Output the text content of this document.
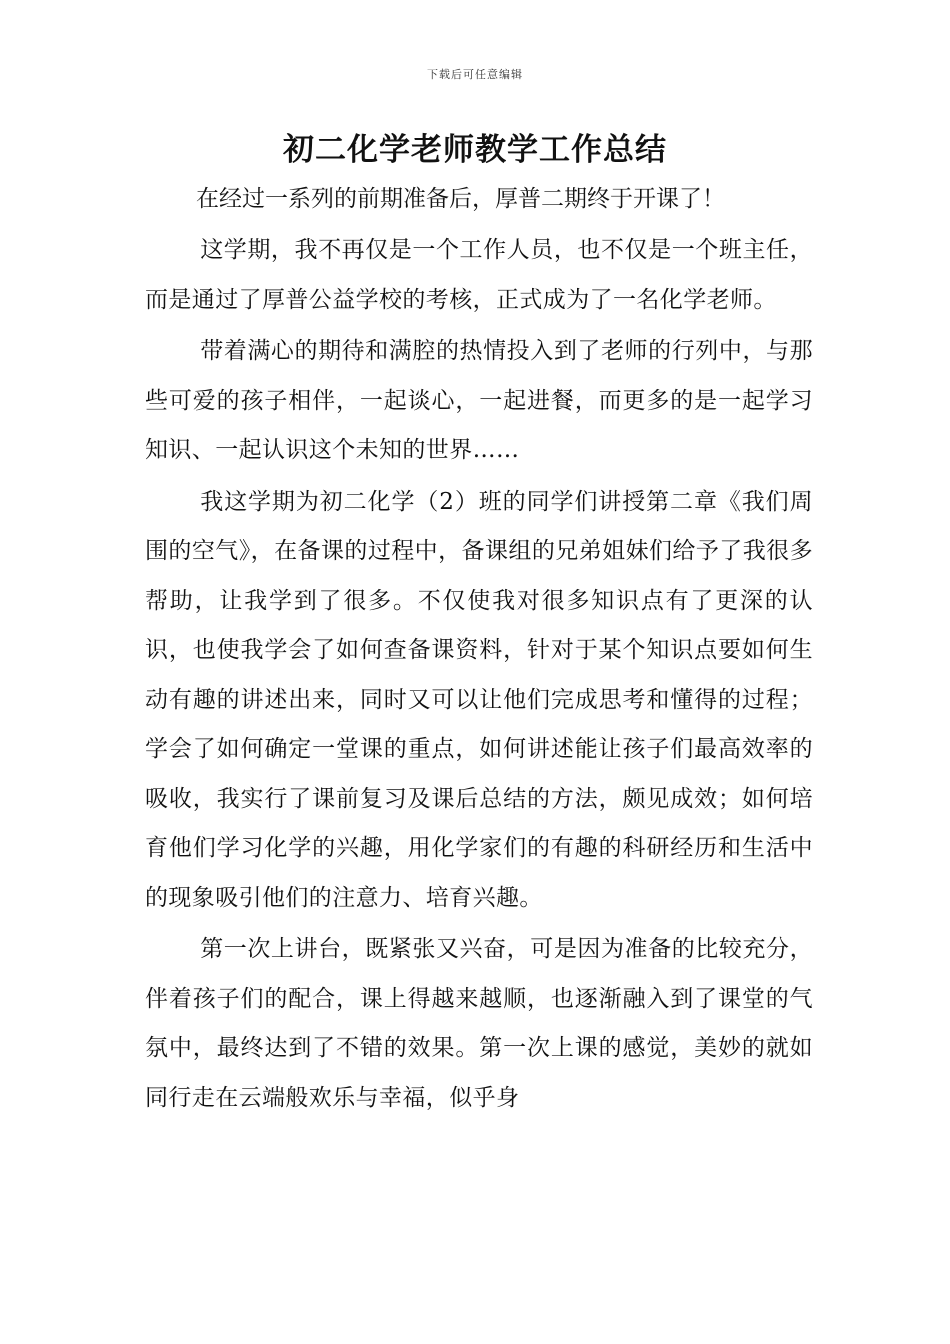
下载后可任意编辑
初二化学老师教学工作总结

在经过一系列的前期准备后，厚普二期终于开课了！

这学期，我不再仅是一个工作人员，也不仅是一个班主任，而是通过了厚普公益学校的考核，正式成为了一名化学老师。

带着满心的期待和满腔的热情投入到了老师的行列中，与那些可爱的孩子相伴，一起谈心，一起进餐，而更多的是一起学习知识、一起认识这个未知的世界……

我这学期为初二化学（2）班的同学们讲授第二章《我们周围的空气》，在备课的过程中，备课组的兄弟姐妹们给予了我很多帮助，让我学到了很多。不仅使我对很多知识点有了更深的认识，也使我学会了如何查备课资料，针对于某个知识点要如何生动有趣的讲述出来，同时又可以让他们完成思考和懂得的过程；学会了如何确定一堂课的重点，如何讲述能让孩子们最高效率的吸收，我实行了课前复习及课后总结的方法，颇见成效；如何培育他们学习化学的兴趣，用化学家们的有趣的科研经历和生活中的现象吸引他们的注意力、培育兴趣。

第一次上讲台，既紧张又兴奋，可是因为准备的比较充分，伴着孩子们的配合，课上得越来越顺，也逐渐融入到了课堂的气氛中，最终达到了不错的效果。第一次上课的感觉，美妙的就如同行走在云端般欢乐与幸福，似乎身
